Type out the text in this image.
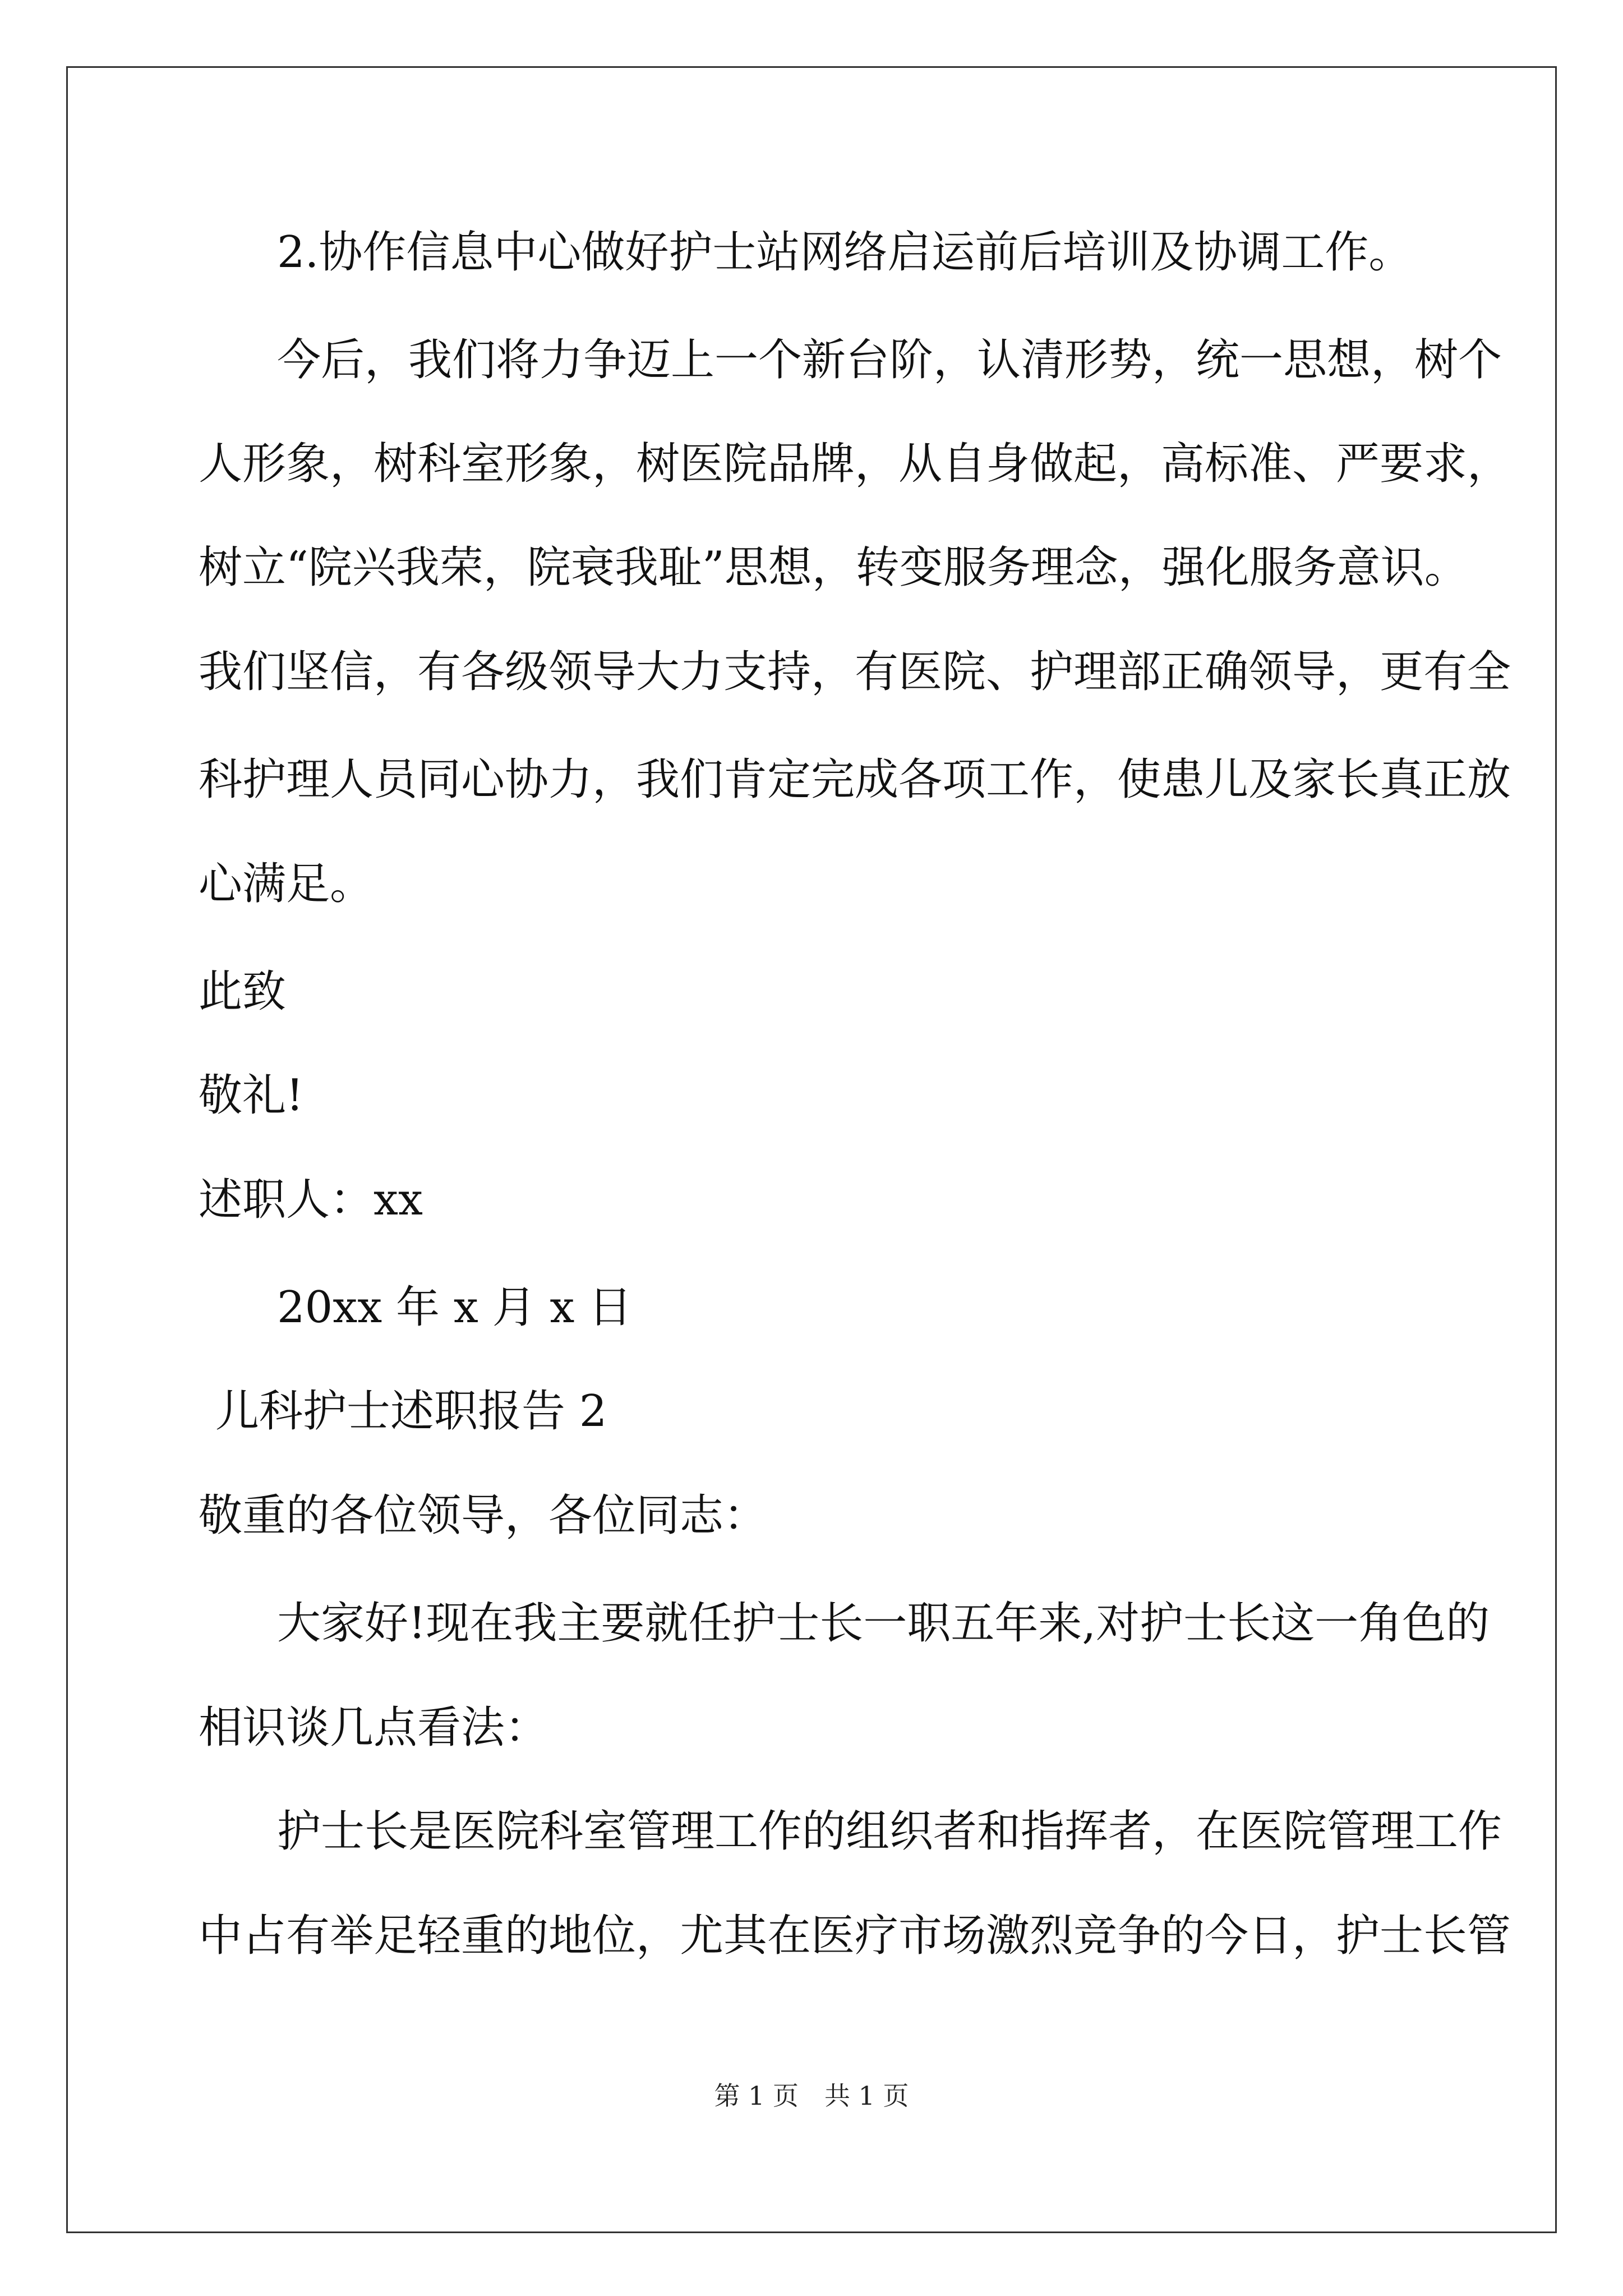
2.协作信息中心做好护士站网络启运前后培训及协调工作。
今后，我们将力争迈上一个新台阶，认清形势，统一思想，树个
人形象，树科室形象，树医院品牌，从自身做起，高标准、严要求，
树立“院兴我荣，院衰我耻”思想，转变服务理念，强化服务意识。
我们坚信，有各级领导大力支持，有医院、护理部正确领导，更有全
科护理人员同心协力，我们肯定完成各项工作，使患儿及家长真正放
心满足。
此致
敬礼!
述职人：xx
20xx 年 x 月 x 日
儿科护士述职报告 2
敬重的各位领导，各位同志：
大家好!现在我主要就任护士长一职五年来,对护士长这一角色的
相识谈几点看法：
护士长是医院科室管理工作的组织者和指挥者，在医院管理工作
中占有举足轻重的地位，尤其在医疗市场激烈竞争的今日，护士长管
第 1 页　共 1 页
